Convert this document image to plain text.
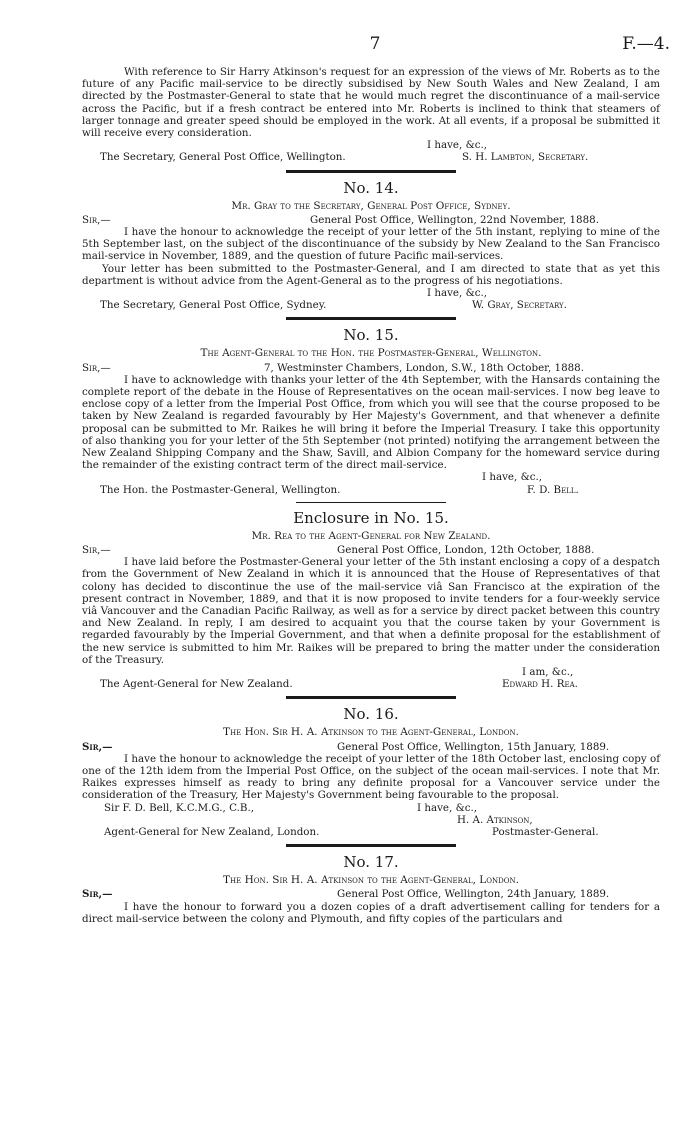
7	F.—4.

With reference to Sir Harry Atkinson's request for an expression of the views of Mr. Roberts as to the future of any Pacific mail-service to be directly subsidised by New South Wales and New Zealand, I am directed by the Postmaster-General to state that he would much regret the discontinuance of a mail-service across the Pacific, but if a fresh contract be entered into Mr. Roberts is inclined to think that steamers of larger tonnage and greater speed should be employed in the work. At all events, if a proposal be submitted it will receive every consideration.

I have, &c.,
The Secretary, General Post Office, Wellington.	S. H. Lambton, Secretary.
No. 14.
Mr. Gray to the Secretary, General Post Office, Sydney.
Sir,—	General Post Office, Wellington, 22nd November, 1888.

I have the honour to acknowledge the receipt of your letter of the 5th instant, replying to mine of the 5th September last, on the subject of the discontinuance of the subsidy by New Zealand to the San Francisco mail-service in November, 1889, and the question of future Pacific mail-services.

Your letter has been submitted to the Postmaster-General, and I am directed to state that as yet this department is without advice from the Agent-General as to the progress of his negotiations.

I have, &c.,
The Secretary, General Post Office, Sydney.	W. Gray, Secretary.
No. 15.
The Agent-General to the Hon. the Postmaster-General, Wellington.
Sir,—	7, Westminster Chambers, London, S.W., 18th October, 1888.

I have to acknowledge with thanks your letter of the 4th September, with the Hansards containing the complete report of the debate in the House of Representatives on the ocean mail-services. I now beg leave to enclose copy of a letter from the Imperial Post Office, from which you will see that the course proposed to be taken by New Zealand is regarded favourably by Her Majesty's Government, and that whenever a definite proposal can be submitted to Mr. Raikes he will bring it before the Imperial Treasury. I take this opportunity of also thanking you for your letter of the 5th September (not printed) notifying the arrangement between the New Zealand Shipping Company and the Shaw, Savill, and Albion Company for the homeward service during the remainder of the existing contract term of the direct mail-service.

I have, &c.,
The Hon. the Postmaster-General, Wellington.	F. D. Bell.
Enclosure in No. 15.
Mr. Rea to the Agent-General for New Zealand.
Sir,—	General Post Office, London, 12th October, 1888.

I have laid before the Postmaster-General your letter of the 5th instant enclosing a copy of a despatch from the Government of New Zealand in which it is announced that the House of Representatives of that colony has decided to discontinue the use of the mail-service viâ San Francisco at the expiration of the present contract in November, 1889, and that it is now proposed to invite tenders for a four-weekly service viâ Vancouver and the Canadian Pacific Railway, as well as for a service by direct packet between this country and New Zealand. In reply, I am desired to acquaint you that the course taken by your Government is regarded favourably by the Imperial Government, and that when a definite proposal for the establishment of the new service is submitted to him Mr. Raikes will be prepared to bring the matter under the consideration of the Treasury.

I am, &c.,
The Agent-General for New Zealand.	Edward H. Rea.
No. 16.
The Hon. Sir H. A. Atkinson to the Agent-General, London.
Sir,—	General Post Office, Wellington, 15th January, 1889.

I have the honour to acknowledge the receipt of your letter of the 18th October last, enclosing copy of one of the 12th idem from the Imperial Post Office, on the subject of the ocean mail-services. I note that Mr. Raikes expresses himself as ready to bring any definite proposal for a Vancouver service under the consideration of the Treasury, Her Majesty's Government being favourable to the proposal.

Sir F. D. Bell, K.C.M.G., C.B.,	I have, &c.,
H. A. Atkinson,
Agent-General for New Zealand, London.	Postmaster-General.
No. 17.
The Hon. Sir H. A. Atkinson to the Agent-General, London.
Sir,—	General Post Office, Wellington, 24th January, 1889.

I have the honour to forward you a dozen copies of a draft advertisement calling for tenders for a direct mail-service between the colony and Plymouth, and fifty copies of the particulars and
